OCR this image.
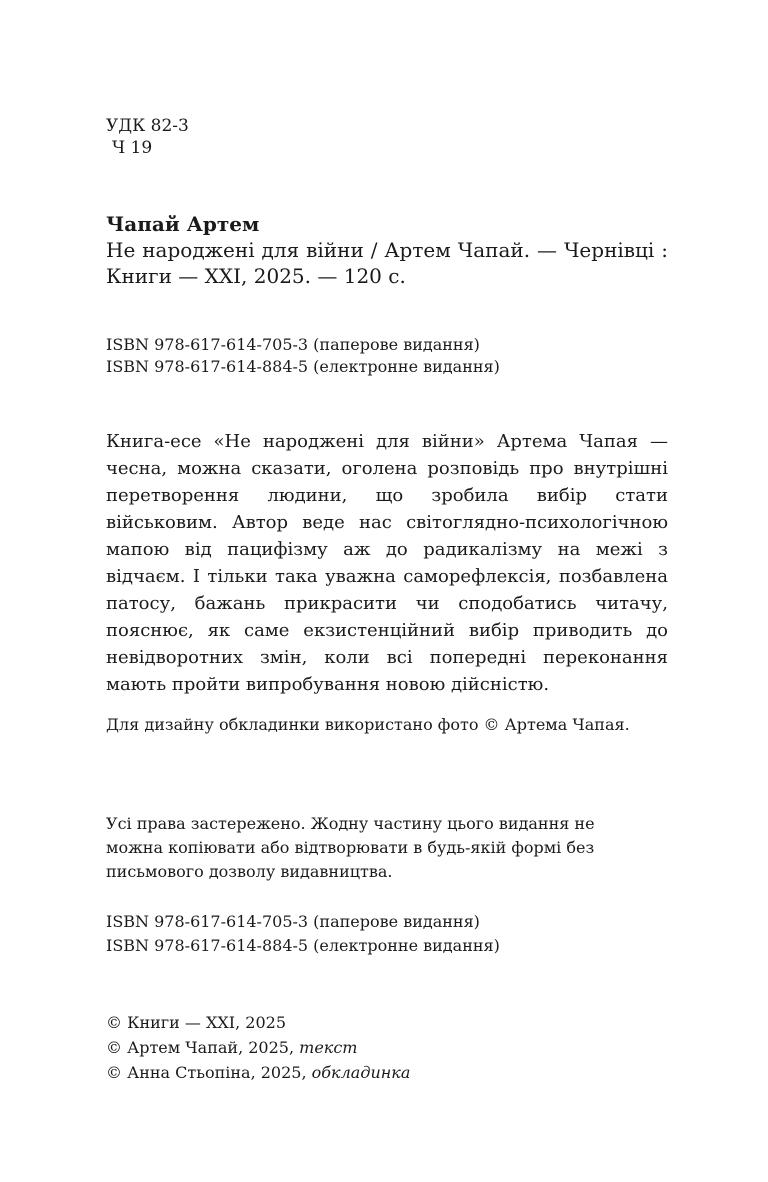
УДК 82-3
Ч 19
Чапай Артем
Не народжені для війни / Артем Чапай. — Чернівці : Книги — XXI, 2025. — 120 с.
ISBN 978-617-614-705-3 (паперове видання)
ISBN 978-617-614-884-5 (електронне видання)
Книга-есе «Не народжені для війни» Артема Чапая — чесна, можна сказати, оголена розповідь про внутрішні перетворення людини, що зробила вибір стати військовим. Автор веде нас світоглядно-психологічною мапою від пацифізму аж до радикалізму на межі з відчаєм. І тільки така уважна саморефлексія, позбавлена патосу, бажань прикрасити чи сподобатись читачу, пояснює, як саме екзистенційний вибір приводить до невідворотних змін, коли всі попередні переконання мають пройти випробування новою дійсністю.
Для дизайну обкладинки використано фото © Артема Чапая.
Усі права застережено. Жодну частину цього видання не можна копіювати або відтворювати в будь-якій формі без письмового дозволу видавництва.
ISBN 978-617-614-705-3 (паперове видання)
ISBN 978-617-614-884-5 (електронне видання)
© Книги — XXI, 2025
© Артем Чапай, 2025, текст
© Анна Стьопіна, 2025, обкладинка
